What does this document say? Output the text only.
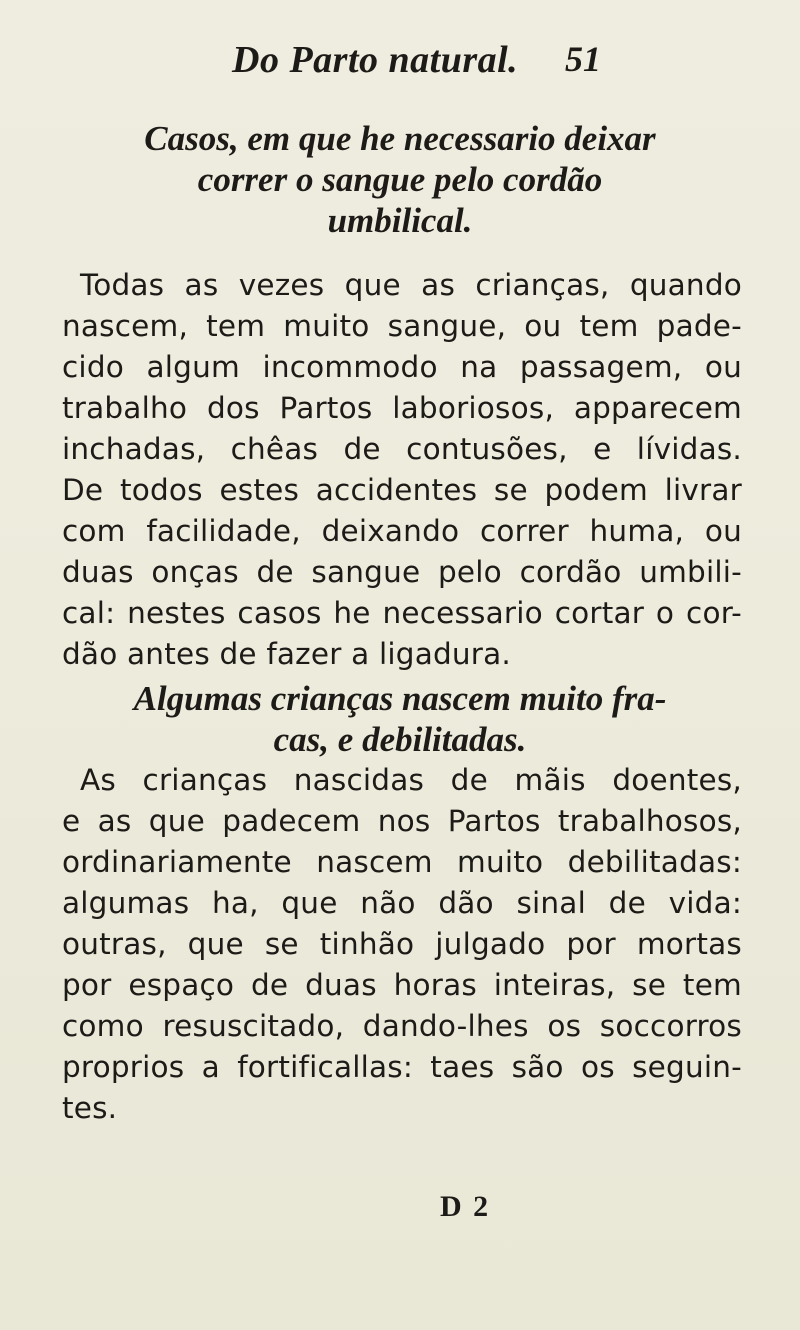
Do Parto natural. 51
Casos, em que he necessario deixar
correr o sangue pelo cordão
umbilical.
Todas as vezes que as crianças, quando
nascem, tem muito sangue, ou tem pade-
cido algum incommodo na passagem, ou
trabalho dos Partos laboriosos, apparecem
inchadas, chêas de contusões, e lívidas.
De todos estes accidentes se podem livrar
com facilidade, deixando correr huma, ou
duas onças de sangue pelo cordão umbili-
cal: nestes casos he necessario cortar o cor-
dão antes de fazer a ligadura.
Algumas crianças nascem muito fra-
cas, e debilitadas.
As crianças nascidas de mãis doentes,
e as que padecem nos Partos trabalhosos,
ordinariamente nascem muito debilitadas:
algumas ha, que não dão sinal de vida:
outras, que se tinhão julgado por mortas
por espaço de duas horas inteiras, se tem
como resuscitado, dando-lhes os soccorros
proprios a fortificallas: taes são os seguin-
tes.
D 2
